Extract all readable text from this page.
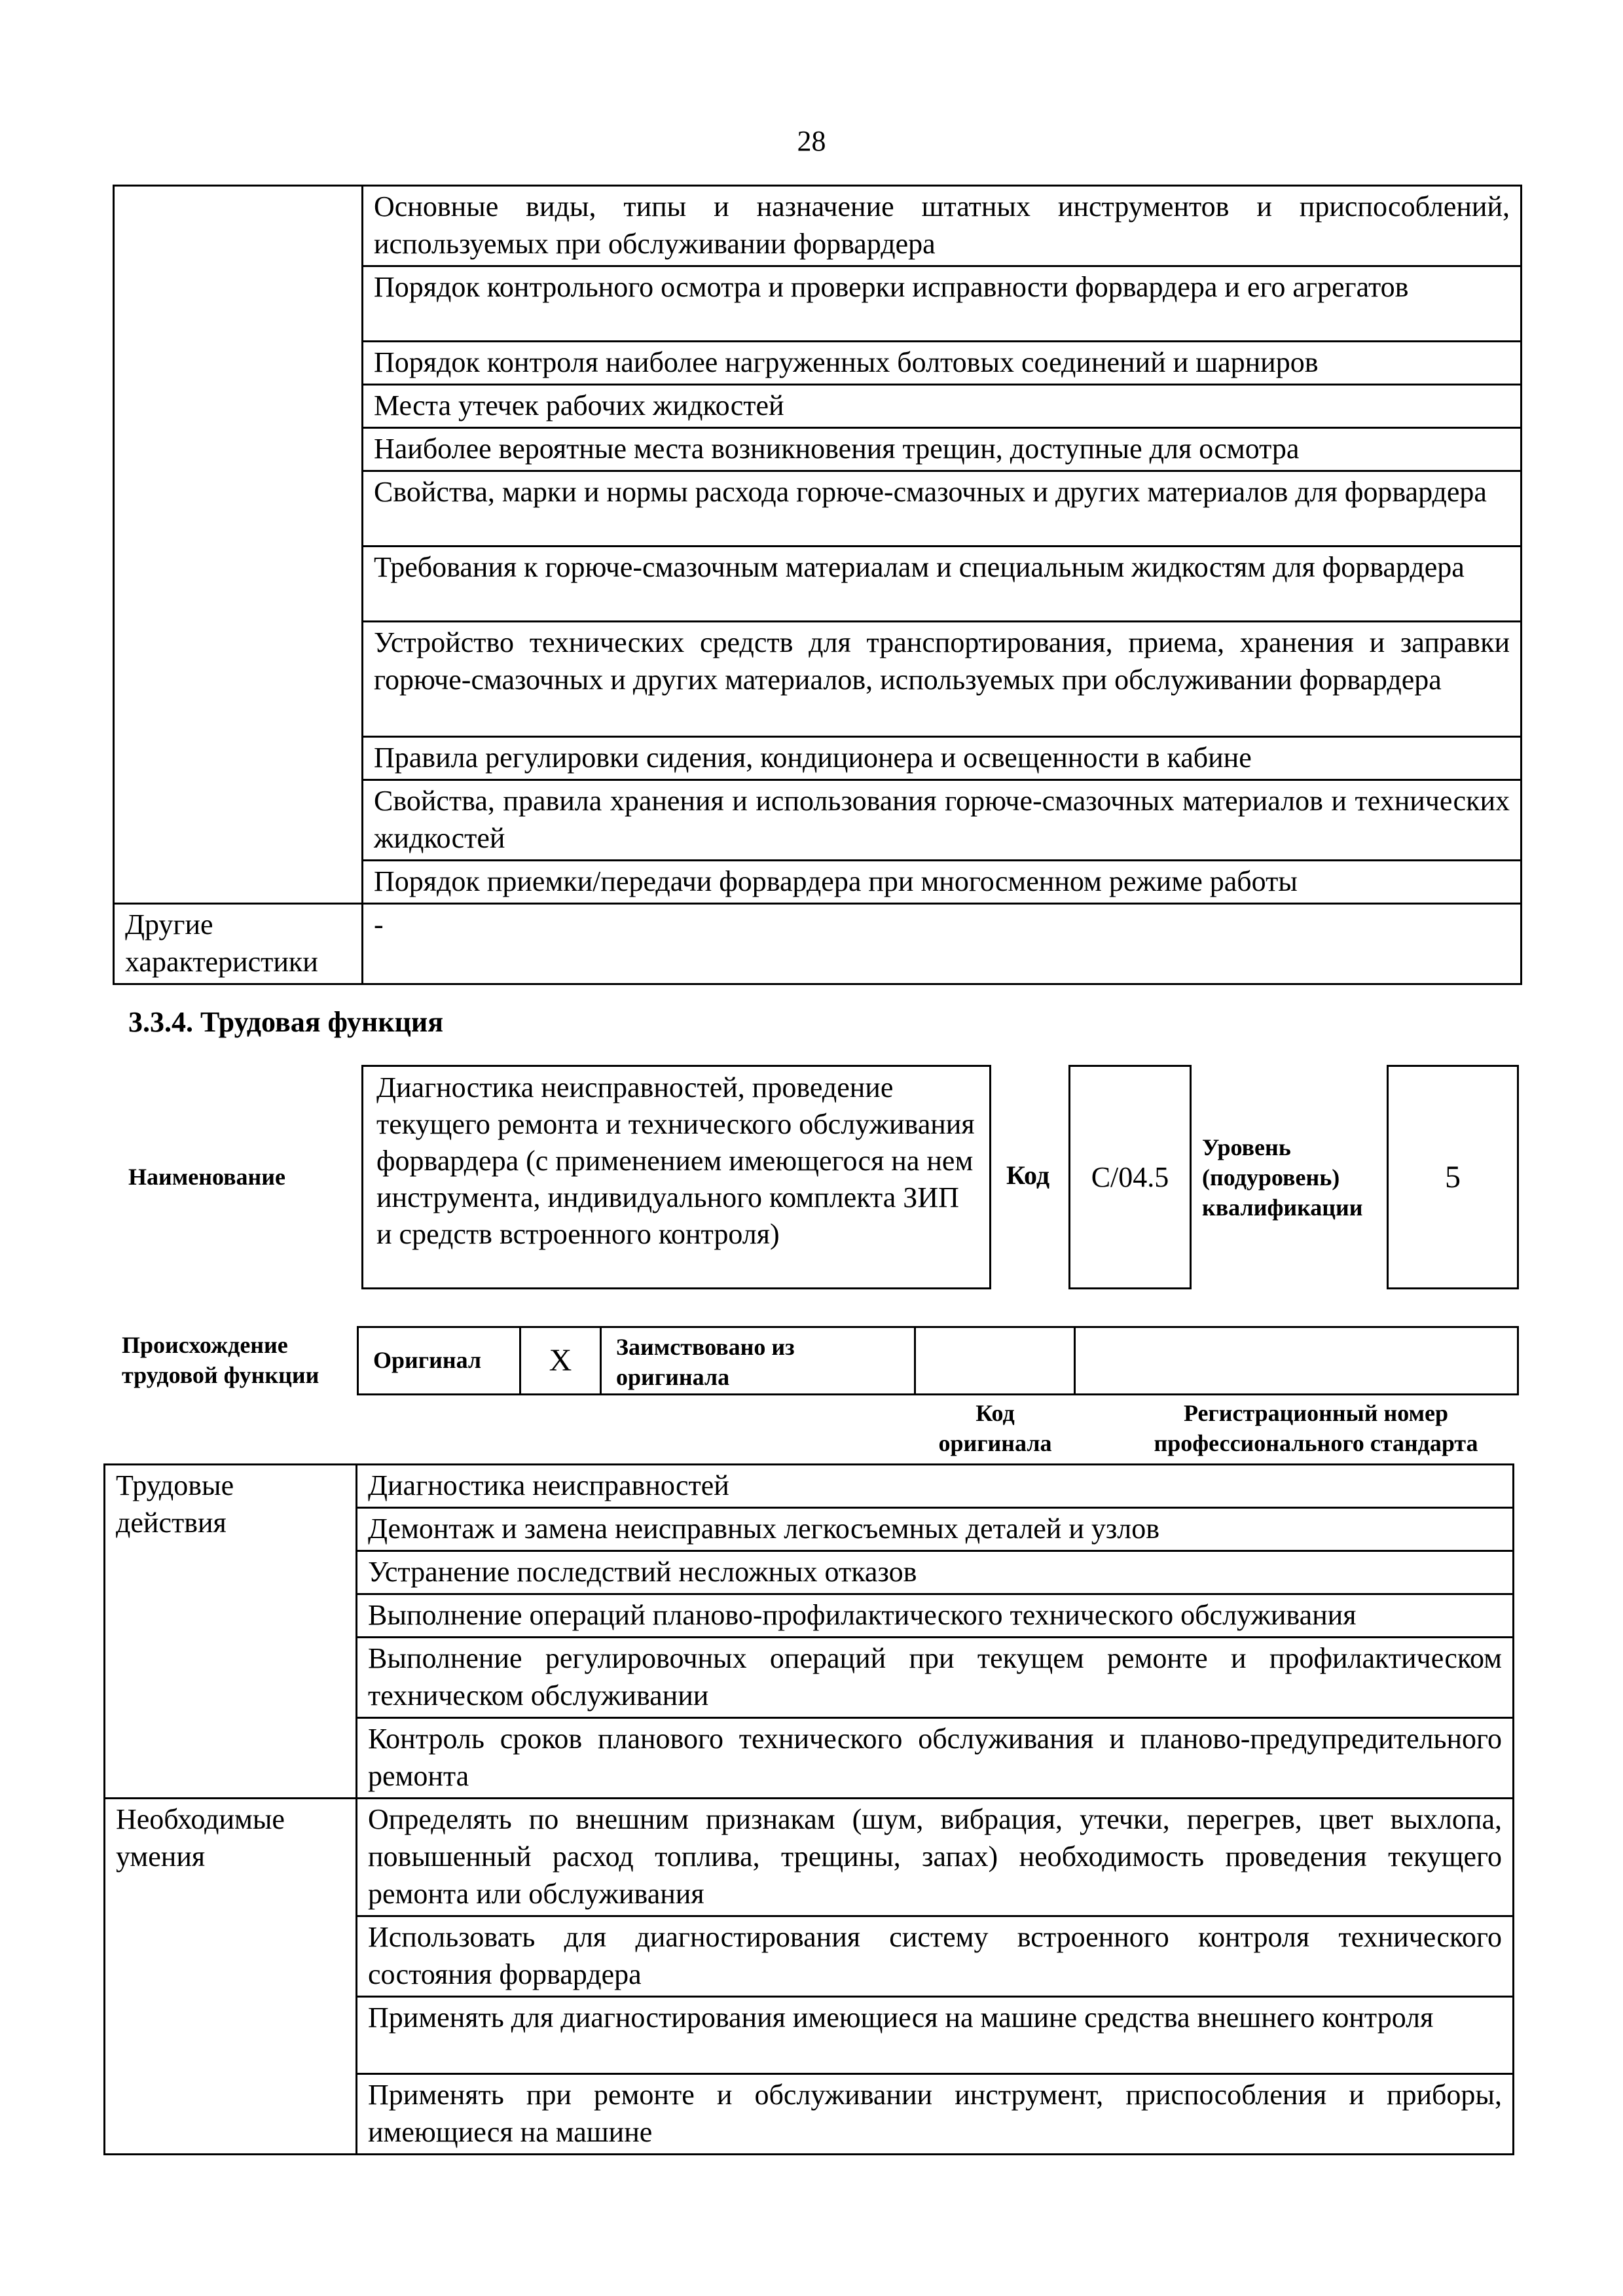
28
	Основные виды, типы и назначение штатных инструментов и приспособлений, используемых при обслуживании форвардера
	Порядок контрольного осмотра и проверки исправности форвардера и его агрегатов
	Порядок контроля наиболее нагруженных болтовых соединений и шарниров
	Места утечек рабочих жидкостей
	Наиболее вероятные места возникновения трещин, доступные для осмотра
	Свойства, марки и нормы расхода горюче-смазочных и других материалов для форвардера
	Требования к горюче-смазочным материалам и специальным жидкостям для форвардера
	Устройство технических средств для транспортирования, приема, хранения и заправки горюче-смазочных и других материалов, используемых при обслуживании форвардера
	Правила регулировки сидения, кондиционера и освещенности в кабине
	Свойства, правила хранения и использования горюче-смазочных материалов и технических жидкостей
	Порядок приемки/передачи форвардера при многосменном режиме работы
Другие характеристики	-
3.3.4. Трудовая функция
Наименование
Диагностика неисправностей, проведение текущего ремонта и технического обслуживания форвардера (с применением имеющегося на нем инструмента, индивидуального комплекта ЗИП и средств встроенного контроля)
Код C/04.5
Уровень (подуровень) квалификации
5
Происхождение трудовой функции
Оригинал	X	Заимствовано из оригинала
Код оригинала
Регистрационный номер профессионального стандарта
Трудовые действия	Диагностика неисправностей
	Демонтаж и замена неисправных легкосъемных деталей и узлов
	Устранение последствий несложных отказов
	Выполнение операций планово-профилактического технического обслуживания
	Выполнение регулировочных операций при текущем ремонте и профилактическом техническом обслуживании
	Контроль сроков планового технического обслуживания и планово-предупредительного ремонта
Необходимые умения	Определять по внешним признакам (шум, вибрация, утечки, перегрев, цвет выхлопа, повышенный расход топлива, трещины, запах) необходимость проведения текущего ремонта или обслуживания
	Использовать для диагностирования систему встроенного контроля технического состояния форвардера
	Применять для диагностирования имеющиеся на машине средства внешнего контроля
	Применять при ремонте и обслуживании инструмент, приспособления и приборы, имеющиеся на машине
